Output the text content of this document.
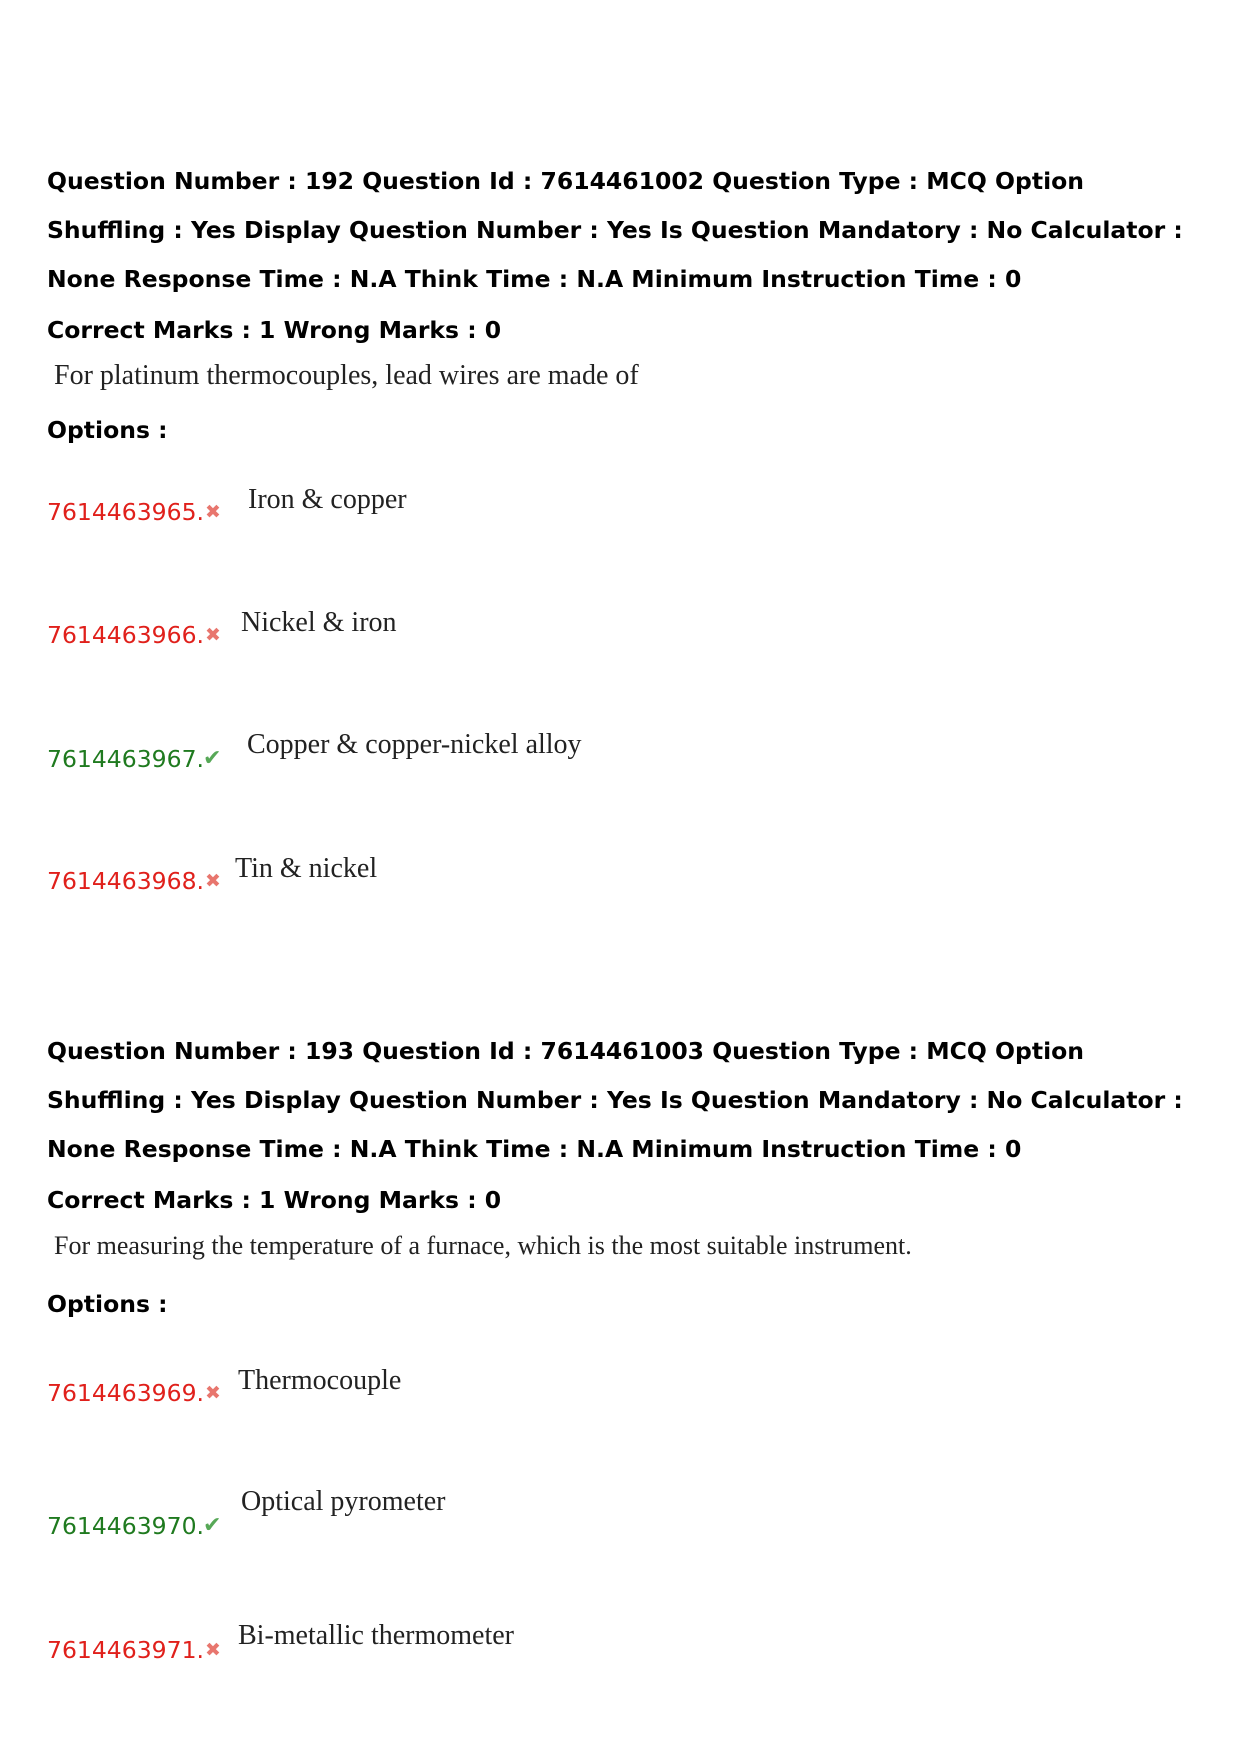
Question Number : 192 Question Id : 7614461002 Question Type : MCQ Option Shuffling : Yes Display Question Number : Yes Is Question Mandatory : No Calculator : None Response Time : N.A Think Time : N.A Minimum Instruction Time : 0

Correct Marks : 1 Wrong Marks : 0
For platinum thermocouples, lead wires are made of
Options :
7614463965. ✖ Iron & copper
7614463966. ✖ Nickel & iron
7614463967. ✔ Copper & copper-nickel alloy
7614463968. ✖ Tin & nickel

Question Number : 193 Question Id : 7614461003 Question Type : MCQ Option Shuffling : Yes Display Question Number : Yes Is Question Mandatory : No Calculator : None Response Time : N.A Think Time : N.A Minimum Instruction Time : 0

Correct Marks : 1 Wrong Marks : 0
For measuring the temperature of a furnace, which is the most suitable instrument.
Options :
7614463969. ✖ Thermocouple
7614463970. ✔
Optical pyrometer
7614463971. ✖ Bi-metallic thermometer
